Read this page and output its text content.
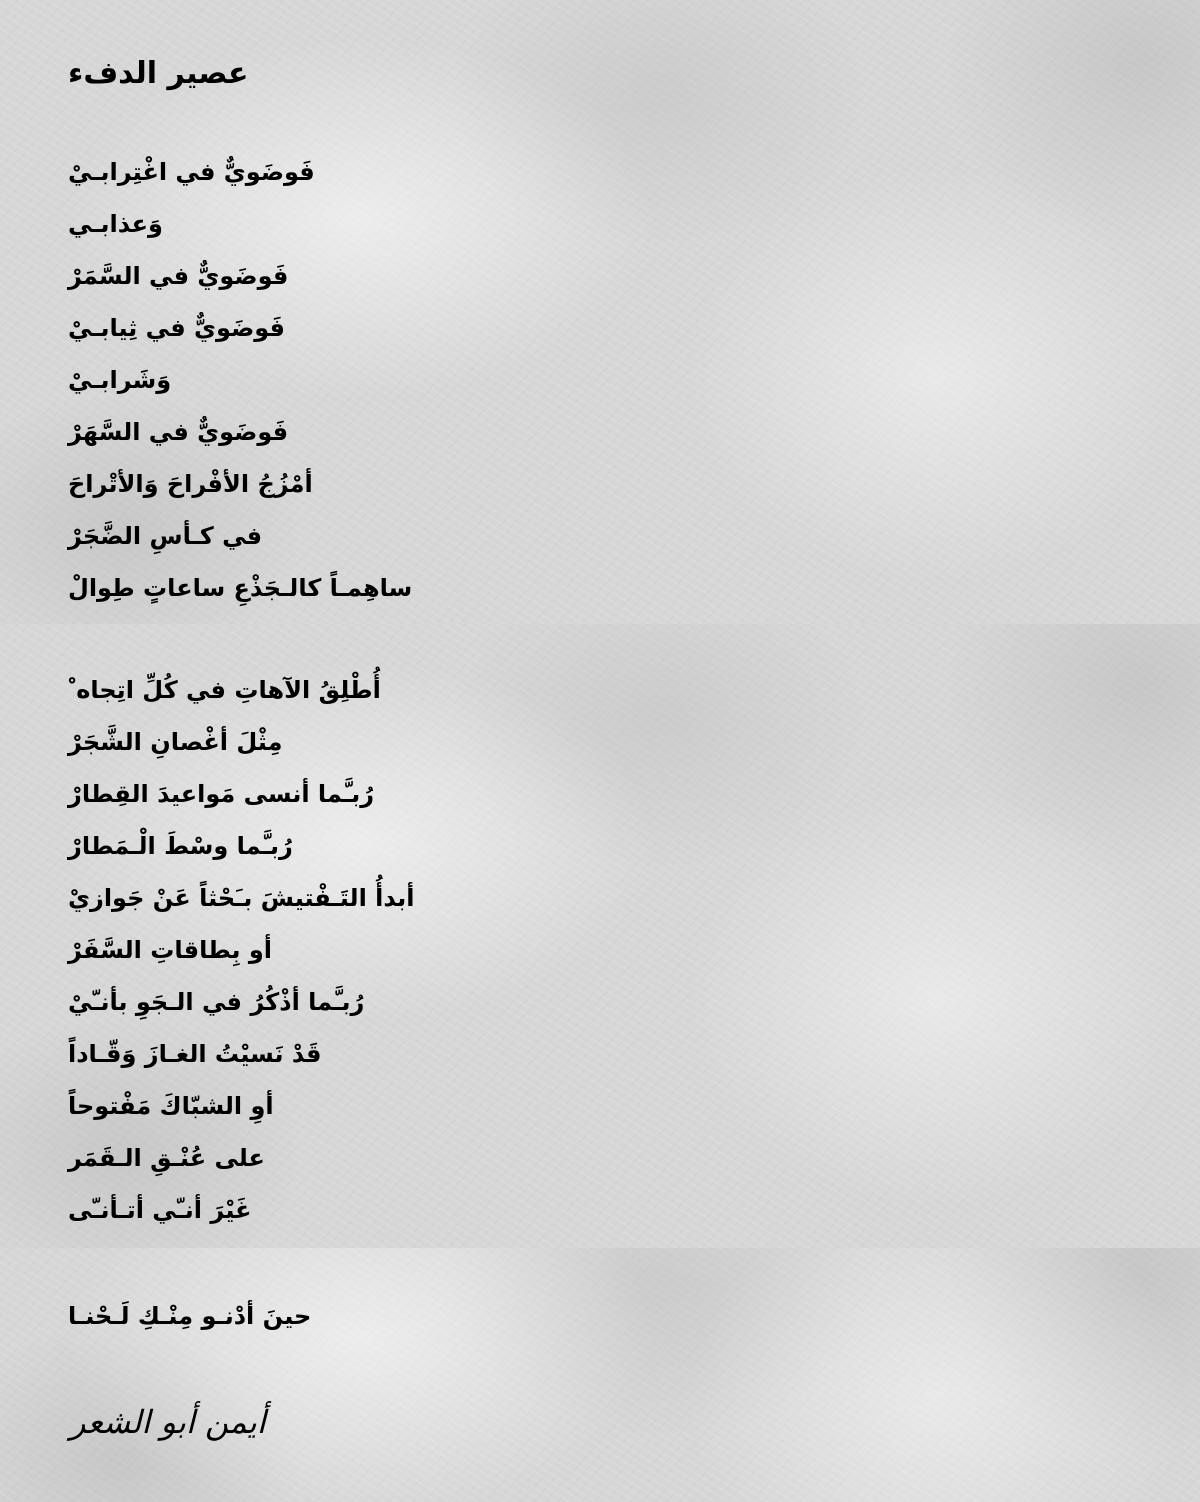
عصير الدفء
فَوضَويٌّ في اغْتِرابـيْ
وَعذابـي
فَوضَويٌّ في السَّمَرْ
فَوضَويٌّ في ثِيابـيْ
وَشَرابـيْ
فَوضَويٌّ في السَّهَرْ
أمْزُجُ الأفْراحَ وَالأتْراحَ
في كـأسِ الضَّجَرْ
ساهِمـاً كالـجَذْعِ ساعاتٍ طِوالْ
أُطْلِقُ الآهاتِ في كُلِّ اتِجاه ْ
مِثْلَ أغْصانِ الشَّجَرْ
رُبـَّما أنسى مَواعيدَ القِطارْ
رُبـَّما وسْطَ الْـمَطارْ
أبدأُ التَـفْتيشَ بـَحْثاً عَنْ جَوازيْ
أو بِطاقاتِ السَّفَرْ
رُبـَّما أذْكُرُ في الـجَوِ بأنـّيْ
قَدْ نَسيْتُ الغـازَ وَقّـاداً
أوِ الشبّاكَ مَفْتوحاً
على عُنْـقِ الـقَمَر
غَيْرَ أنـّي أتـأنـّى
حينَ أدْنـو مِنْـكِ لَـحْنـا
أيمن أبو الشعر
